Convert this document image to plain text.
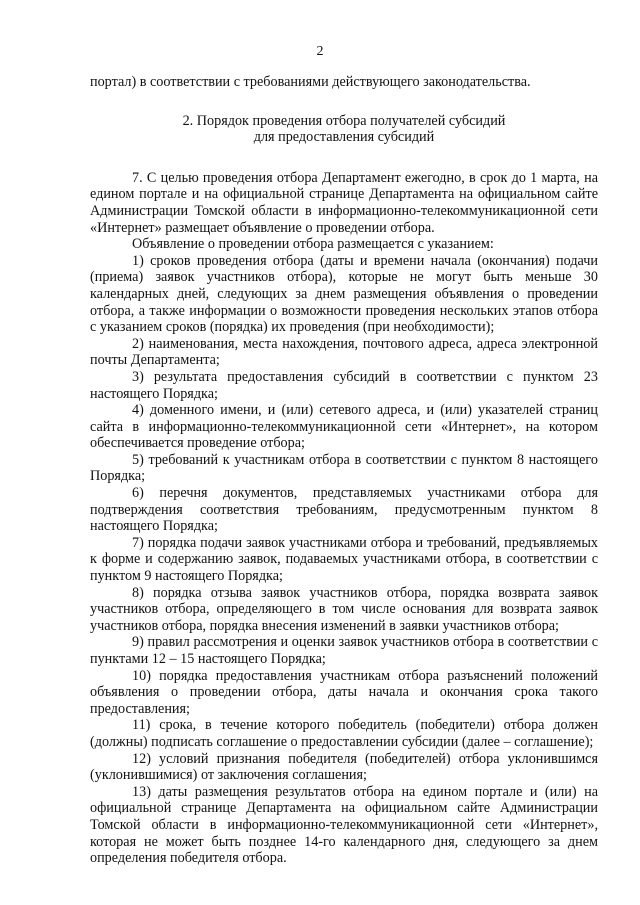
2

портал) в соответствии с требованиями действующего законодательства.

2. Порядок проведения отбора получателей субсидий
для предоставления субсидий

7. С целью проведения отбора Департамент ежегодно, в срок до 1 марта, на едином портале и на официальной странице Департамента на официальном сайте Администрации Томской области в информационно-телекоммуникационной сети «Интернет» размещает объявление о проведении отбора.

Объявление о проведении отбора размещается с указанием:

1) сроков проведения отбора (даты и времени начала (окончания) подачи (приема) заявок участников отбора), которые не могут быть меньше 30 календарных дней, следующих за днем размещения объявления о проведении отбора, а также информации о возможности проведения нескольких этапов отбора с указанием сроков (порядка) их проведения (при необходимости);

2) наименования, места нахождения, почтового адреса, адреса электронной почты Департамента;

3) результата предоставления субсидий в соответствии с пунктом 23 настоящего Порядка;

4) доменного имени, и (или) сетевого адреса, и (или) указателей страниц сайта в информационно-телекоммуникационной сети «Интернет», на котором обеспечивается проведение отбора;

5) требований к участникам отбора в соответствии с пунктом 8 настоящего Порядка;

6) перечня документов, представляемых участниками отбора для подтверждения соответствия требованиям, предусмотренным пунктом 8 настоящего Порядка;

7) порядка подачи заявок участниками отбора и требований, предъявляемых к форме и содержанию заявок, подаваемых участниками отбора, в соответствии с пунктом 9 настоящего Порядка;

8) порядка отзыва заявок участников отбора, порядка возврата заявок участников отбора, определяющего в том числе основания для возврата заявок участников отбора, порядка внесения изменений в заявки участников отбора;

9) правил рассмотрения и оценки заявок участников отбора в соответствии с пунктами 12 – 15 настоящего Порядка;

10) порядка предоставления участникам отбора разъяснений положений объявления о проведении отбора, даты начала и окончания срока такого предоставления;

11) срока, в течение которого победитель (победители) отбора должен (должны) подписать соглашение о предоставлении субсидии (далее – соглашение);

12) условий признания победителя (победителей) отбора уклонившимся (уклонившимися) от заключения соглашения;

13) даты размещения результатов отбора на едином портале и (или) на официальной странице Департамента на официальном сайте Администрации Томской области в информационно-телекоммуникационной сети «Интернет», которая не может быть позднее 14-го календарного дня, следующего за днем определения победителя отбора.
